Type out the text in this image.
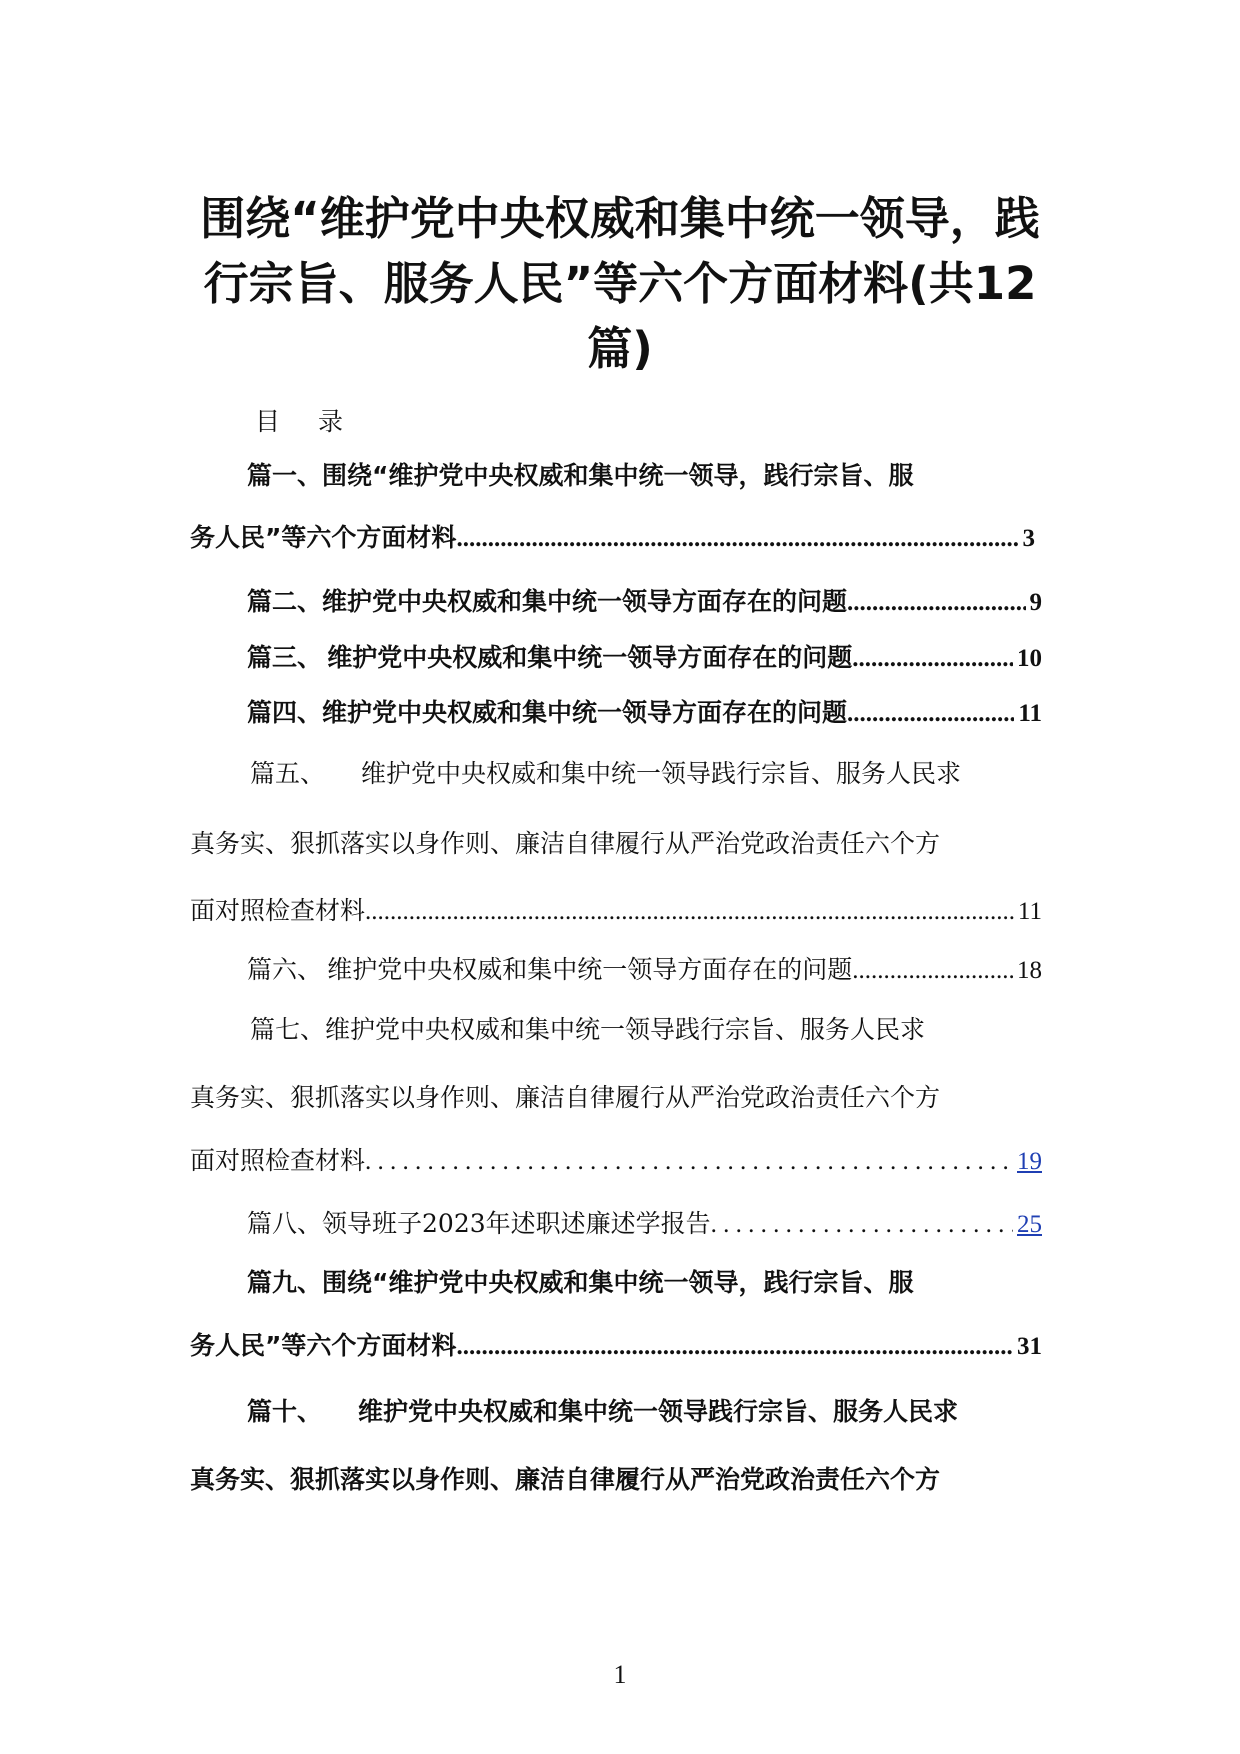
围绕“维护党中央权威和集中统一领导，践
行宗旨、服务人民”等六个方面材料(共12
篇)
目 录
篇一、围绕“维护党中央权威和集中统一领导，践行宗旨、服
务人民”等六个方面材料 .....	3
篇二、 维护党中央权威和集中统一领导方面存在的问题 .....	9
篇三、 维护党中央权威和集中统一领导方面存在的问题 .....	10
篇四、 维护党中央权威和集中统一领导方面存在的问题 .....	11
篇五、 维护党中央权威和集中统一领导践行宗旨、服务人民求
真务实、狠抓落实以身作则、廉洁自律履行从严治党政治责任六个方
面对照检查材料 .....	11
篇六、 维护党中央权威和集中统一领导方面存在的问题 .....	18
篇七、维护党中央权威和集中统一领导践行宗旨、服务人民求
真务实、狠抓落实以身作则、廉洁自律履行从严治党政治责任六个方
面对照检查材料 . . .	19
篇八、 领导班子2023年述职述廉述学报告 . . .	25
篇九、围绕“维护党中央权威和集中统一领导，践行宗旨、服
务人民”等六个方面材料 .....	31
篇十、 维护党中央权威和集中统一领导践行宗旨、服务人民求
真务实、狠抓落实以身作则、廉洁自律履行从严治党政治责任六个方
1
